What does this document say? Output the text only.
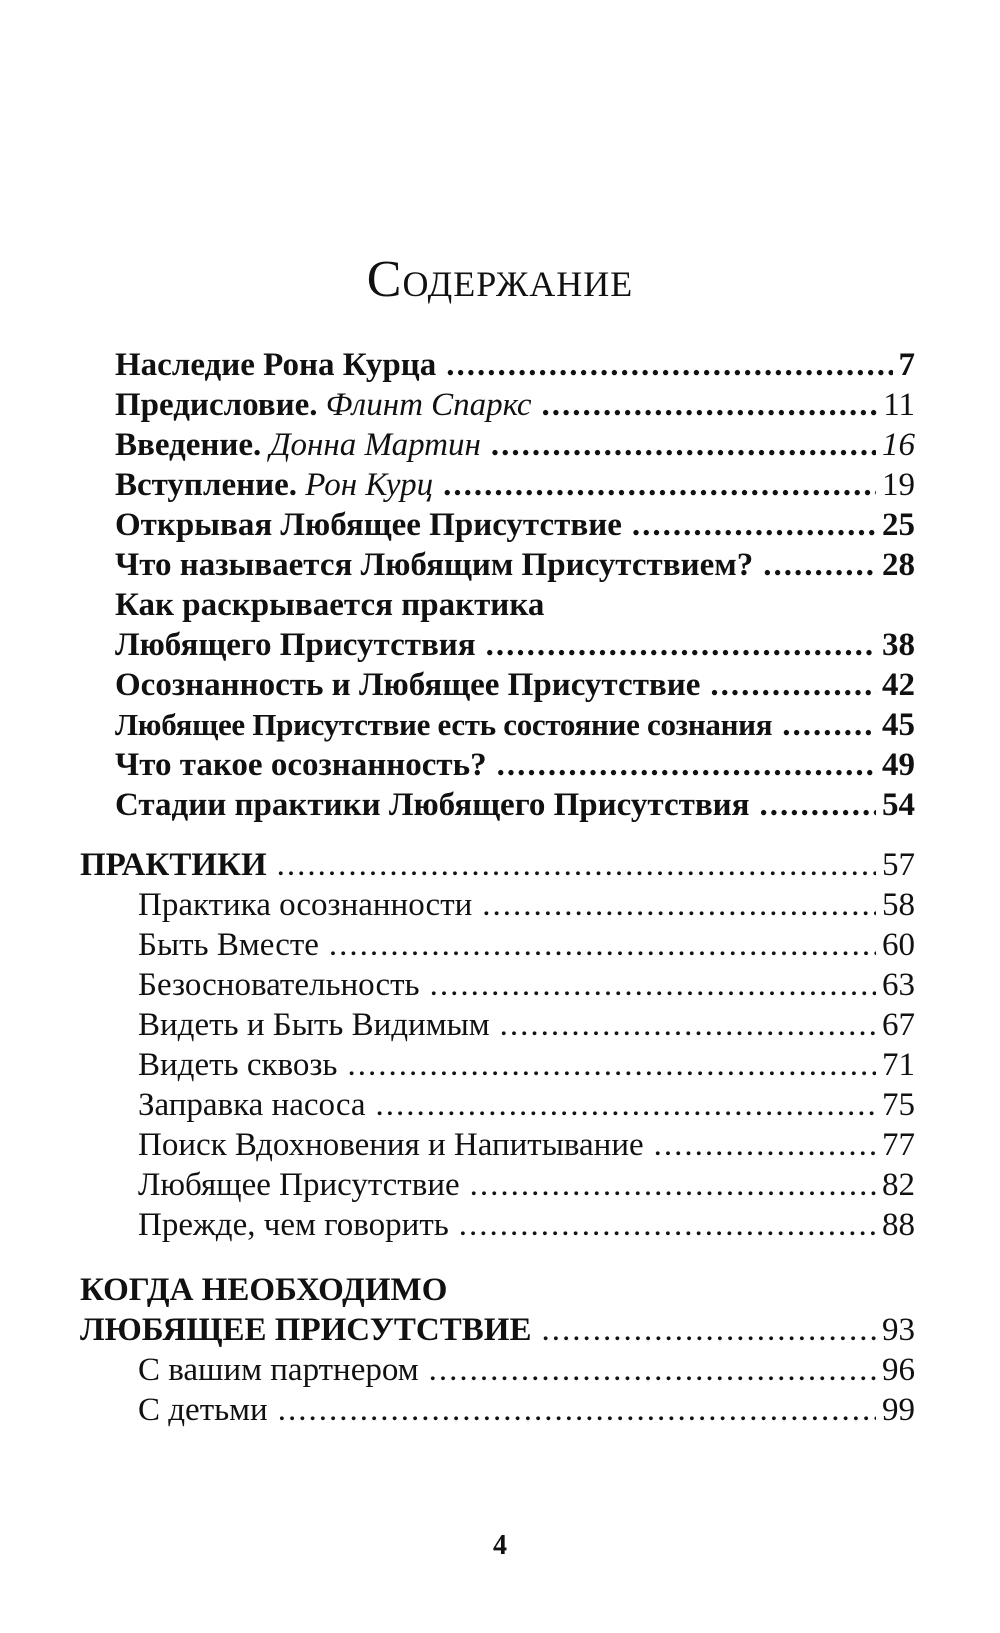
Содержание
Наследие Рона Курца .....	7
Предисловие. Флинт Спаркс .....	11
Введение. Донна Мартин .....	16
Вступление. Рон Курц .....	19
Открывая Любящее Присутствие .....	25
Что называется Любящим Присутствием? .....	28
Как раскрывается практика
Любящего Присутствия .....	38
Осознанность и Любящее Присутствие .....	42
Любящее Присутствие есть состояние сознания .....	45
Что такое осознанность? .....	49
Стадии практики Любящего Присутствия .....	54
ПРАКТИКИ .....	57
Практика осознанности .....	58
Быть Вместе .....	60
Безосновательность .....	63
Видеть и Быть Видимым .....	67
Видеть сквозь .....	71
Заправка насоса .....	75
Поиск Вдохновения и Напитывание .....	77
Любящее Присутствие .....	82
Прежде, чем говорить .....	88
КОГДА НЕОБХОДИМО
ЛЮБЯЩЕЕ ПРИСУТСТВИЕ .....	93
С вашим партнером .....	96
С детьми .....	99
4
